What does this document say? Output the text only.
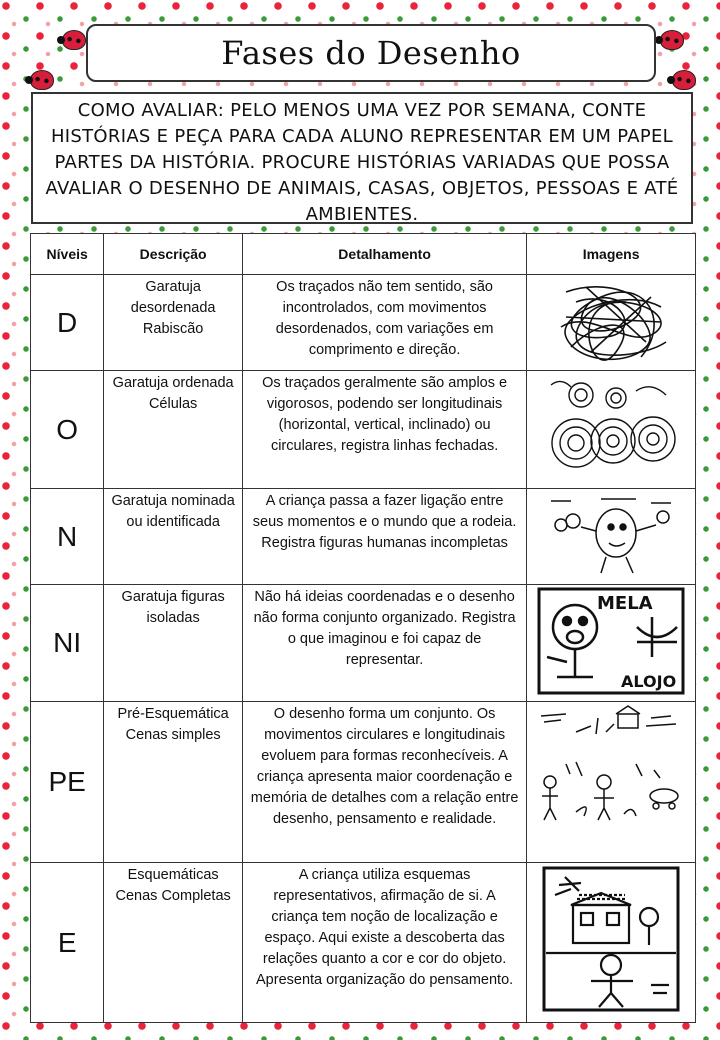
Fases do Desenho
COMO AVALIAR: PELO MENOS UMA VEZ POR SEMANA, CONTE HISTÓRIAS E PEÇA PARA CADA ALUNO REPRESENTAR EM UM PAPEL PARTES DA HISTÓRIA. PROCURE HISTÓRIAS VARIADAS QUE POSSA AVALIAR O DESENHO DE ANIMAIS, CASAS, OBJETOS, PESSOAS E ATÉ AMBIENTES.
Níveis	Descrição	Detalhamento	Imagens
D	Garatuja desordenada Rabiscão	Os traçados não tem sentido, são incontrolados, com movimentos desordenados, com variações em comprimento e direção.	

O	Garatuja ordenada Células	Os traçados geralmente são amplos e vigorosos, podendo ser longitudinais (horizontal, vertical, inclinado) ou circulares, registra linhas fechadas.	

N	Garatuja nominada ou identificada	A criança passa a fazer ligação entre seus momentos e o mundo que a rodeia. Registra figuras humanas incompletas	

NI	Garatuja figuras isoladas	Não há ideias coordenadas e o desenho não forma conjunto organizado. Registra o que imaginou e foi capaz de representar.	MELA
ALOJO

PE	Pré-Esquemática Cenas simples	O desenho forma um conjunto. Os movimentos circulares e longitudinais evoluem para formas reconhecíveis. A criança apresenta maior coordenação e memória de detalhes com a relação entre desenho, pensamento e realidade.	

E	Esquemáticas Cenas Completas	A criança utiliza esquemas representativos, afirmação de si. A criança tem noção de localização e espaço. Aqui existe a descoberta das relações quanto a cor e cor do objeto. Apresenta organização do pensamento.	
